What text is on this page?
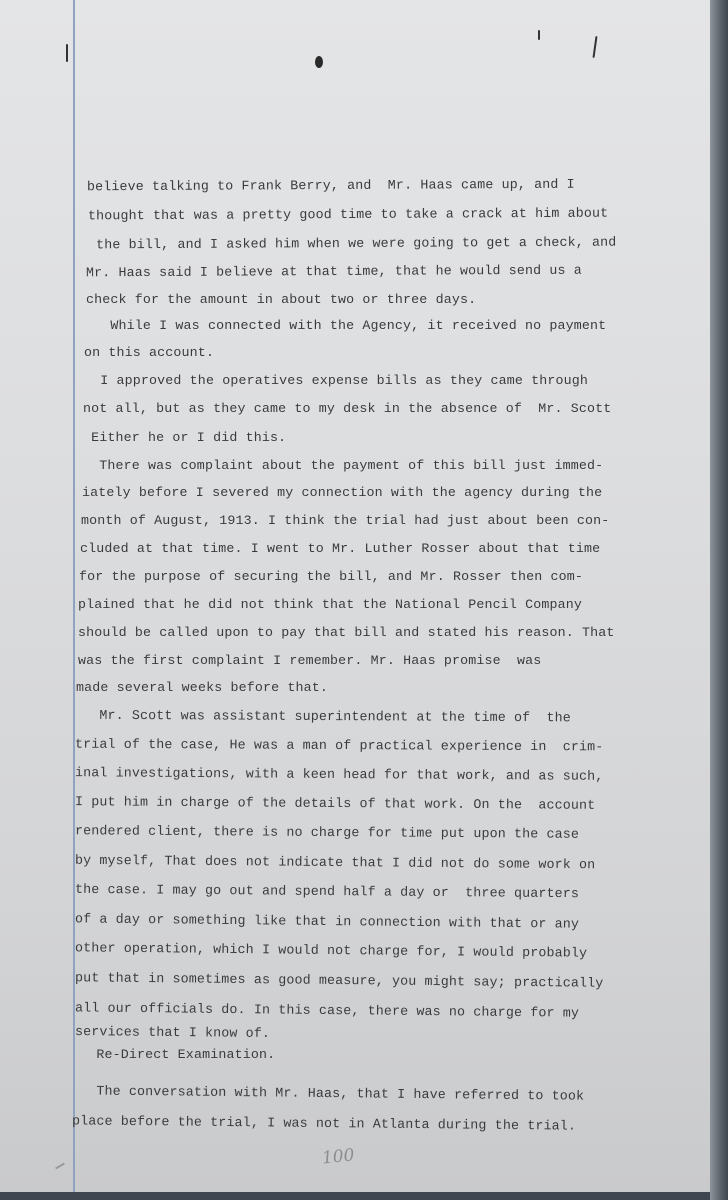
believe talking to Frank Berry, and  Mr. Haas came up, and I
thought that was a pretty good time to take a crack at him about
the bill, and I asked him when we were going to get a check, and
Mr. Haas said I believe at that time, that he would send us a
check for the amount in about two or three days.
While I was connected with the Agency, it received no payment
on this account.
I approved the operatives expense bills as they came through
not all, but as they came to my desk in the absence of  Mr. Scott
Either he or I did this.
There was complaint about the payment of this bill just immed-
iately before I severed my connection with the agency during the
month of August, 1913. I think the trial had just about been con-
cluded at that time. I went to Mr. Luther Rosser about that time
for the purpose of securing the bill, and Mr. Rosser then com-
plained that he did not think that the National Pencil Company
should be called upon to pay that bill and stated his reason. That
was the first complaint I remember. Mr. Haas promise  was
made several weeks before that.
Mr. Scott was assistant superintendent at the time of  the
trial of the case, He was a man of practical experience in  crim-
inal investigations, with a keen head for that work, and as such,
I put him in charge of the details of that work. On the  account
rendered client, there is no charge for time put upon the case
by myself, That does not indicate that I did not do some work on
the case. I may go out and spend half a day or  three quarters
of a day or something like that in connection with that or any
other operation, which I would not charge for, I would probably
put that in sometimes as good measure, you might say; practically
all our officials do. In this case, there was no charge for my
services that I know of.
Re-Direct Examination.
The conversation with Mr. Haas, that I have referred to took
place before the trial, I was not in Atlanta during the trial.
100
